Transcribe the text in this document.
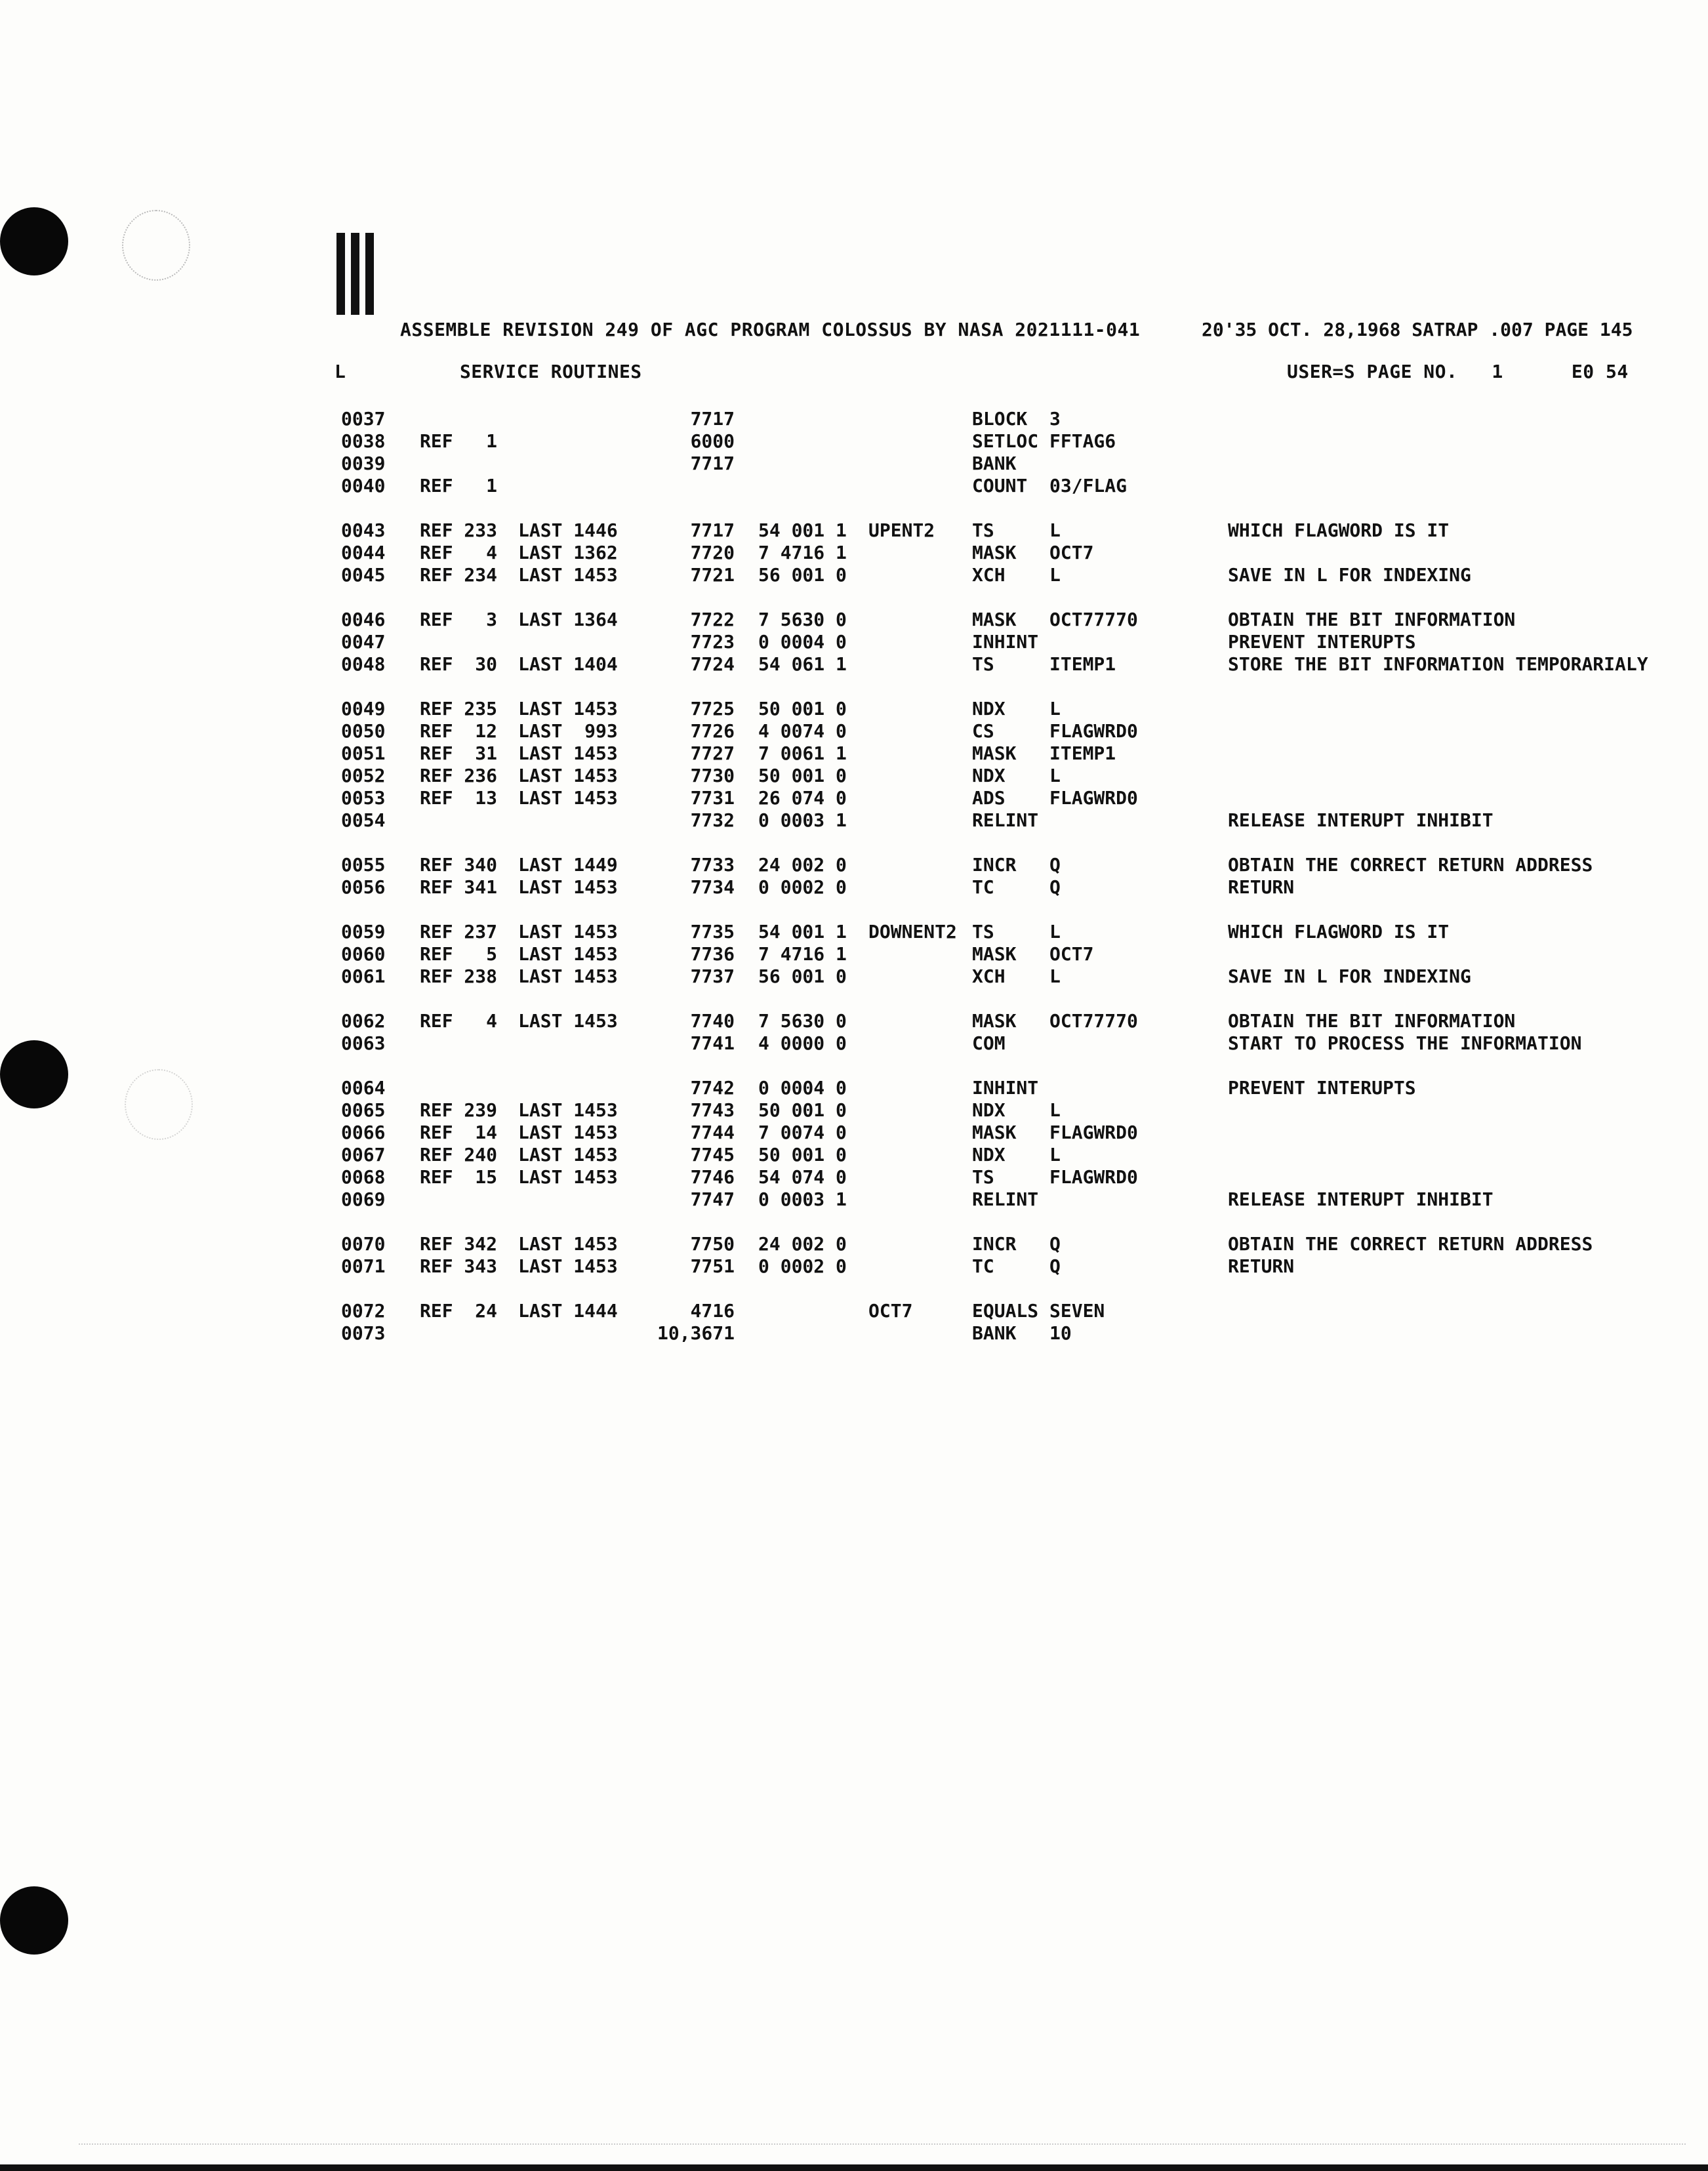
ASSEMBLE REVISION 249 OF AGC PROGRAM COLOSSUS BY NASA 2021111-041	20'35 OCT. 28,1968 SATRAP .007 PAGE 145
L	SERVICE ROUTINES	USER=S PAGE NO.   1      E0 54
0037	7717	BLOCK 3
0038 REF   1	6000	SETLOC FFTAG6
0039	7717	BANK
0040 REF   1	COUNT 03/FLAG
0043 REF 233 LAST 1446	7717 54 001 1 UPENT2 TS	L	WHICH FLAGWORD IS IT
0044 REF   4 LAST 1362	7720 7 4716 1	MASK OCT7
0045 REF 234 LAST 1453	7721 56 001 0	XCH L	SAVE IN L FOR INDEXING
0046 REF   3 LAST 1364	7722 7 5630 0	MASK OCT77770	OBTAIN THE BIT INFORMATION
0047	7723 0 0004 0	INHINT	PREVENT INTERUPTS
0048 REF  30 LAST 1404	7724 54 061 1	TS	ITEMP1	STORE THE BIT INFORMATION TEMPORARIALY
0049 REF 235 LAST 1453	7725 50 001 0	NDX L
0050 REF  12 LAST  993	7726 4 0074 0	CS	FLAGWRD0
0051 REF  31 LAST 1453	7727 7 0061 1	MASK ITEMP1
0052 REF 236 LAST 1453	7730 50 001 0	NDX L
0053 REF  13 LAST 1453	7731 26 074 0	ADS FLAGWRD0
0054	7732 0 0003 1	RELINT	RELEASE INTERUPT INHIBIT
0055 REF 340 LAST 1449	7733 24 002 0	INCR Q	OBTAIN THE CORRECT RETURN ADDRESS
0056 REF 341 LAST 1453	7734 0 0002 0	TC	Q	RETURN
0059 REF 237 LAST 1453	7735 54 001 1 DOWNENT2 TS	L	WHICH FLAGWORD IS IT
0060 REF   5 LAST 1453	7736 7 4716 1	MASK OCT7
0061 REF 238 LAST 1453	7737 56 001 0	XCH L	SAVE IN L FOR INDEXING
0062 REF   4 LAST 1453	7740 7 5630 0	MASK OCT77770	OBTAIN THE BIT INFORMATION
0063	7741 4 0000 0	COM	START TO PROCESS THE INFORMATION
0064	7742 0 0004 0	INHINT	PREVENT INTERUPTS
0065 REF 239 LAST 1453	7743 50 001 0	NDX L
0066 REF  14 LAST 1453	7744 7 0074 0	MASK FLAGWRD0
0067 REF 240 LAST 1453	7745 50 001 0	NDX L
0068 REF  15 LAST 1453	7746 54 074 0	TS	FLAGWRD0
0069	7747 0 0003 1	RELINT	RELEASE INTERUPT INHIBIT
0070 REF 342 LAST 1453	7750 24 002 0	INCR Q	OBTAIN THE CORRECT RETURN ADDRESS
0071 REF 343 LAST 1453	7751 0 0002 0	TC	Q	RETURN
0072 REF  24 LAST 1444	4716	OCT7	EQUALS SEVEN
0073	10,3671	BANK 10
